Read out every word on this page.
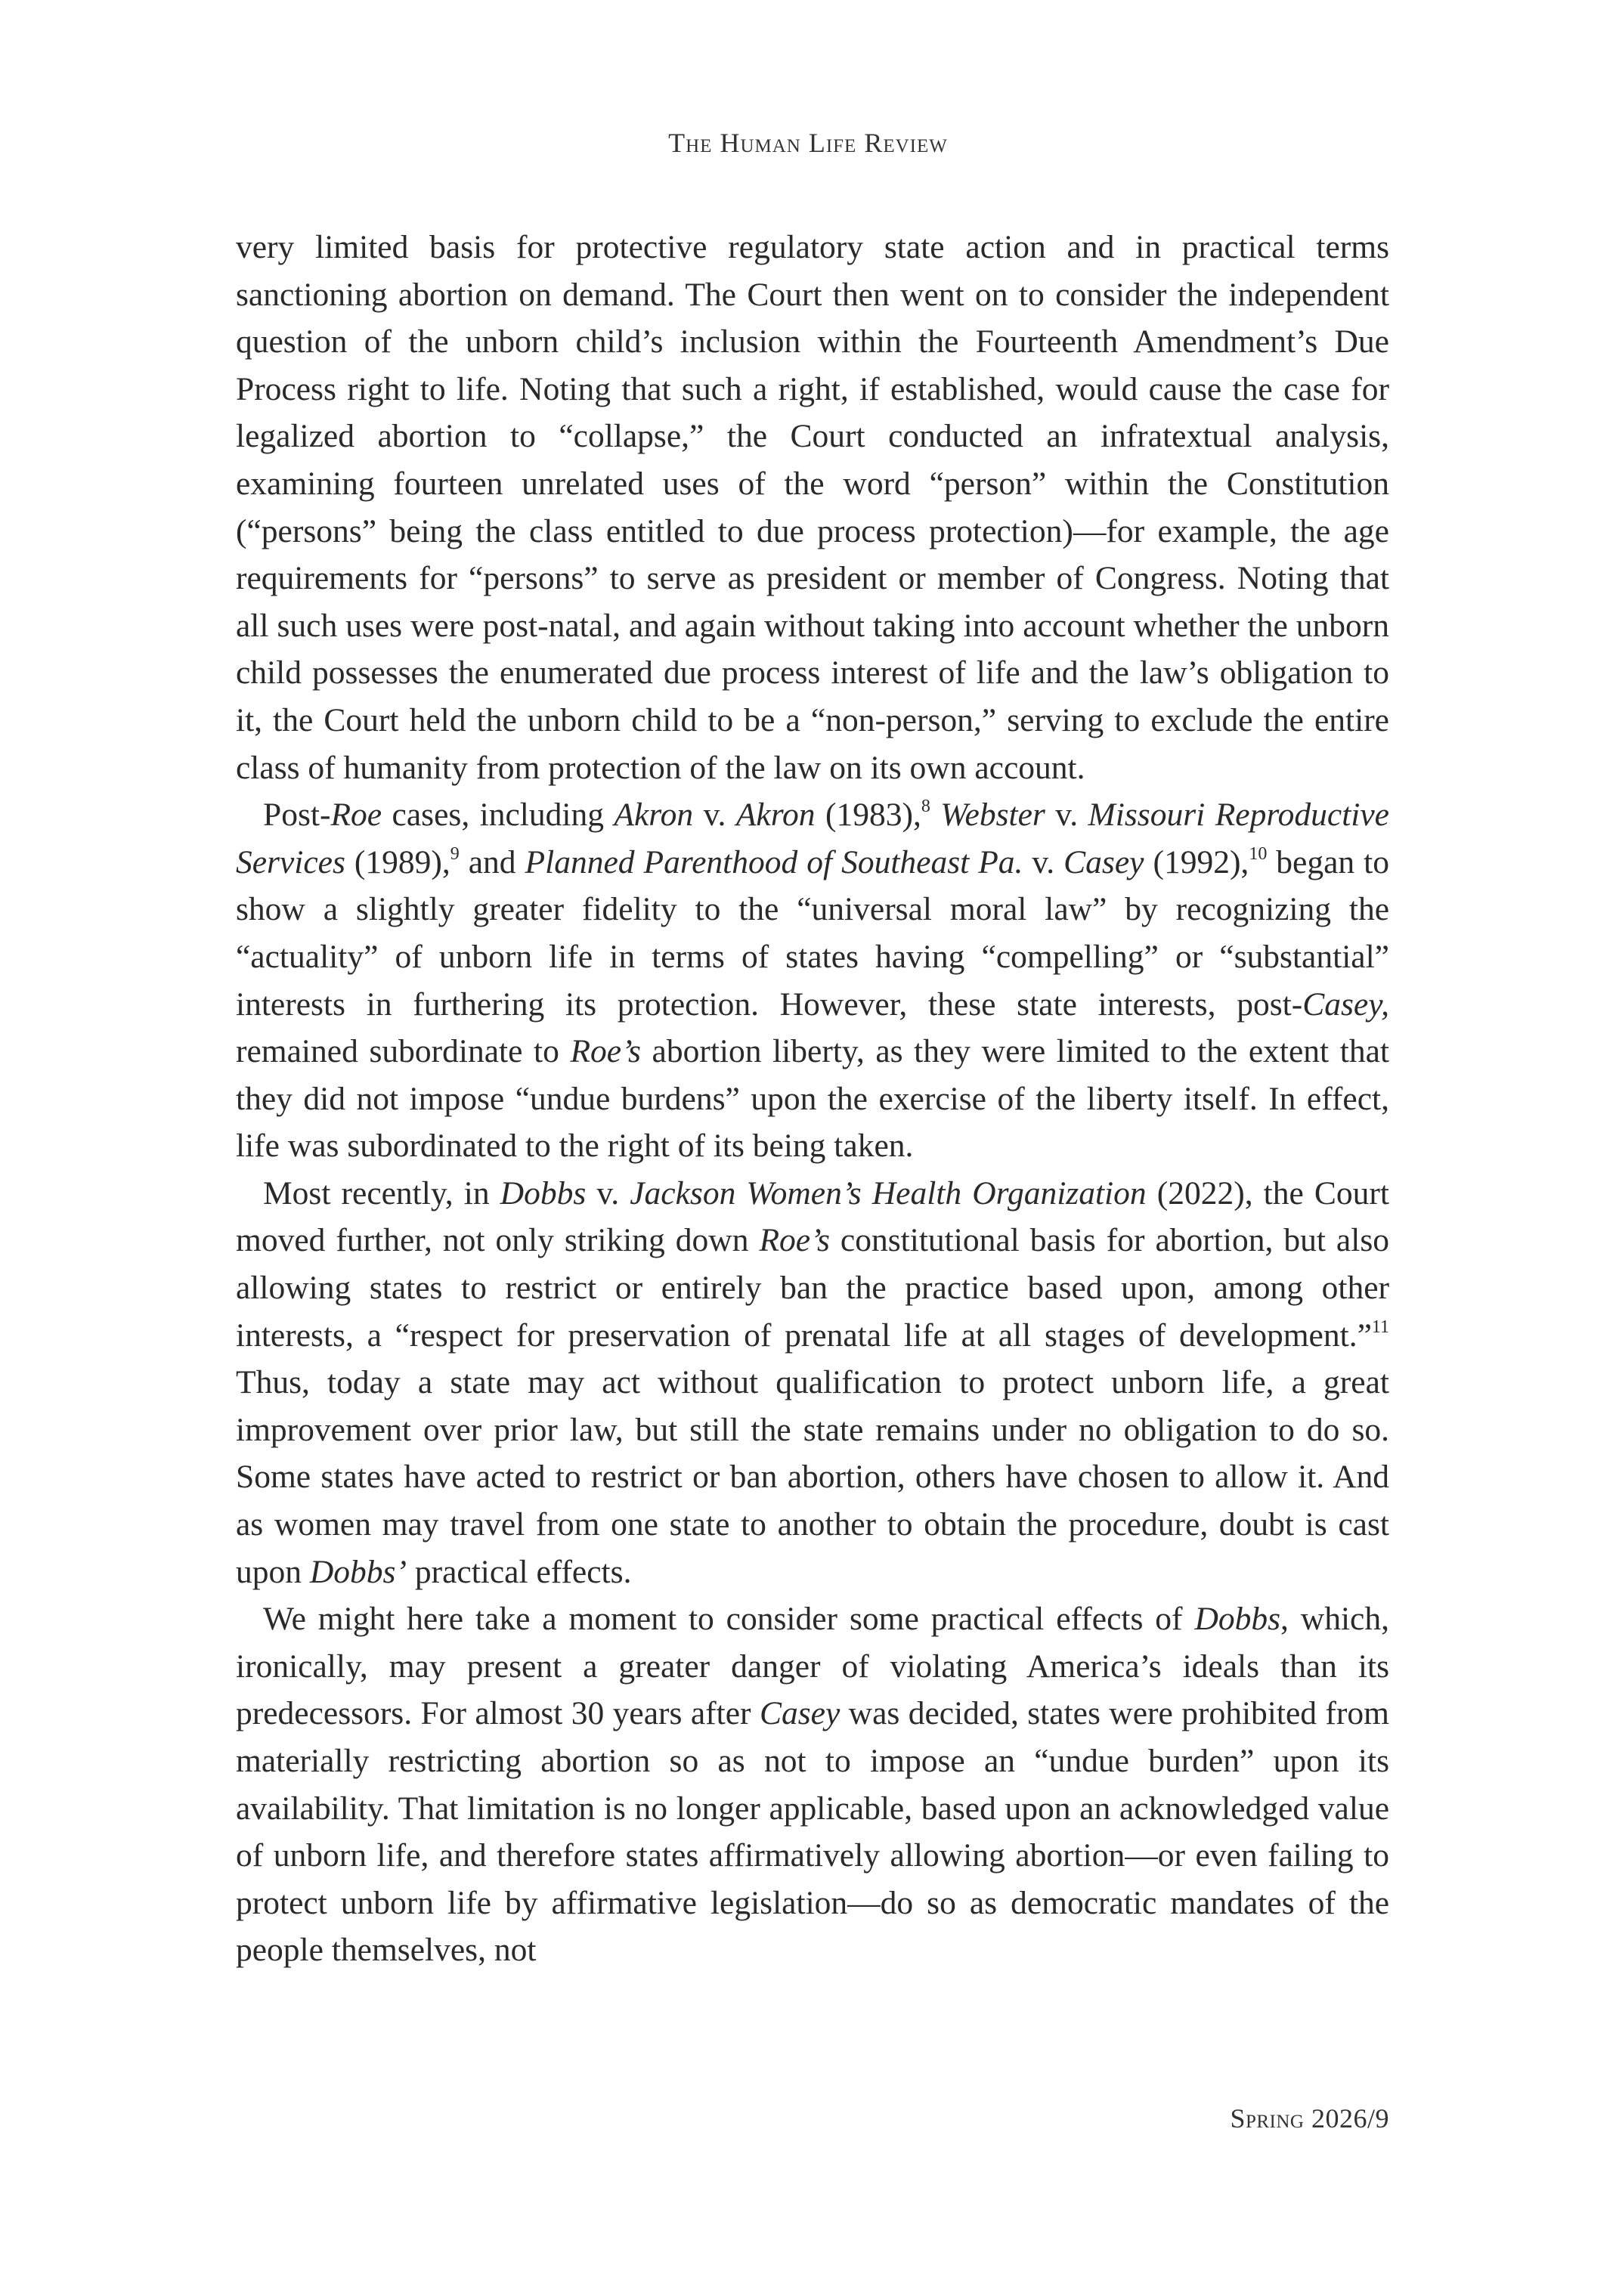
The Human Life Review

very limited basis for protective regulatory state action and in practical terms sanctioning abortion on demand. The Court then went on to consider the independent question of the unborn child’s inclusion within the Fourteenth Amendment’s Due Process right to life. Noting that such a right, if established, would cause the case for legalized abortion to “collapse,” the Court conducted an infratextual analysis, examining fourteen unrelated uses of the word “person” within the Constitution (“persons” being the class entitled to due process protection)—for example, the age requirements for “persons” to serve as president or member of Congress. Noting that all such uses were post-natal, and again without taking into account whether the unborn child possesses the enumerated due process interest of life and the law’s obligation to it, the Court held the unborn child to be a “non-person,” serving to exclude the entire class of humanity from protection of the law on its own account.

Post-Roe cases, including Akron v. Akron (1983),$^8$ Webster v. Missouri Reproductive Services (1989),$^9$ and Planned Parenthood of Southeast Pa. v. Casey (1992),$^{10}$ began to show a slightly greater fidelity to the “universal moral law” by recognizing the “actuality” of unborn life in terms of states having “compelling” or “substantial” interests in furthering its protection. However, these state interests, post-Casey, remained subordinate to Roe’s abortion liberty, as they were limited to the extent that they did not impose “undue burdens” upon the exercise of the liberty itself. In effect, life was subordinated to the right of its being taken.

Most recently, in Dobbs v. Jackson Women’s Health Organization (2022), the Court moved further, not only striking down Roe’s constitutional basis for abortion, but also allowing states to restrict or entirely ban the practice based upon, among other interests, a “respect for preservation of prenatal life at all stages of development.”$^{11}$ Thus, today a state may act without qualification to protect unborn life, a great improvement over prior law, but still the state remains under no obligation to do so. Some states have acted to restrict or ban abortion, others have chosen to allow it. And as women may travel from one state to another to obtain the procedure, doubt is cast upon Dobbs’ practical effects.

We might here take a moment to consider some practical effects of Dobbs, which, ironically, may present a greater danger of violating America’s ideals than its predecessors. For almost 30 years after Casey was decided, states were prohibited from materially restricting abortion so as not to impose an “undue burden” upon its availability. That limitation is no longer applicable, based upon an acknowledged value of unborn life, and therefore states affirmatively allowing abortion—or even failing to protect unborn life by affirmative legislation—do so as democratic mandates of the people themselves, not

Spring 2026/9
